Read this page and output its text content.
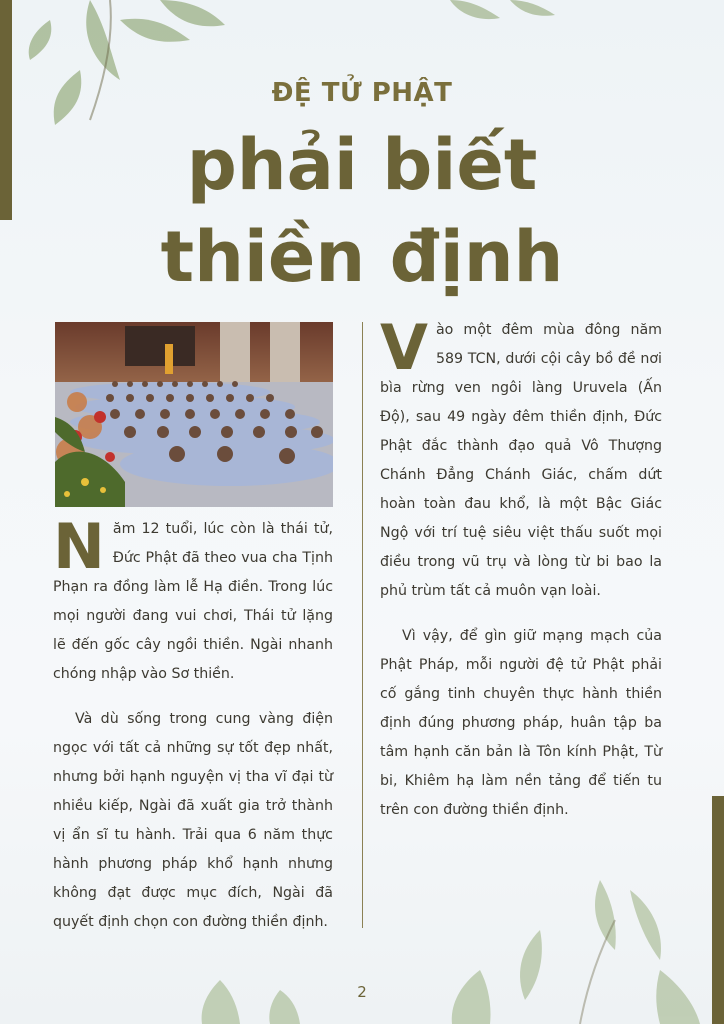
ĐỆ TỬ PHẬT
phải biết
thiền định

Năm 12 tuổi, lúc còn là thái tử, Đức Phật đã theo vua cha Tịnh Phạn ra đồng làm lễ Hạ điền. Trong lúc mọi người đang vui chơi, Thái tử lặng lẽ đến gốc cây ngồi thiền. Ngài nhanh chóng nhập vào Sơ thiền.

Và dù sống trong cung vàng điện ngọc với tất cả những sự tốt đẹp nhất, nhưng bởi hạnh nguyện vị tha vĩ đại từ nhiều kiếp, Ngài đã xuất gia trở thành vị ẩn sĩ tu hành. Trải qua 6 năm thực hành phương pháp khổ hạnh nhưng không đạt được mục đích, Ngài đã quyết định chọn con đường thiền định.

Vào một đêm mùa đông năm 589 TCN, dưới cội cây bồ đề nơi bìa rừng ven ngôi làng Uruvela (Ấn Độ), sau 49 ngày đêm thiền định, Đức Phật đắc thành đạo quả Vô Thượng Chánh Đẳng Chánh Giác, chấm dứt hoàn toàn đau khổ, là một Bậc Giác Ngộ với trí tuệ siêu việt thấu suốt mọi điều trong vũ trụ và lòng từ bi bao la phủ trùm tất cả muôn vạn loài.

Vì vậy, để gìn giữ mạng mạch của Phật Pháp, mỗi người đệ tử Phật phải cố gắng tinh chuyên thực hành thiền định đúng phương pháp, huân tập ba tâm hạnh căn bản là Tôn kính Phật, Từ bi, Khiêm hạ làm nền tảng để tiến tu trên con đường thiền định.

2
